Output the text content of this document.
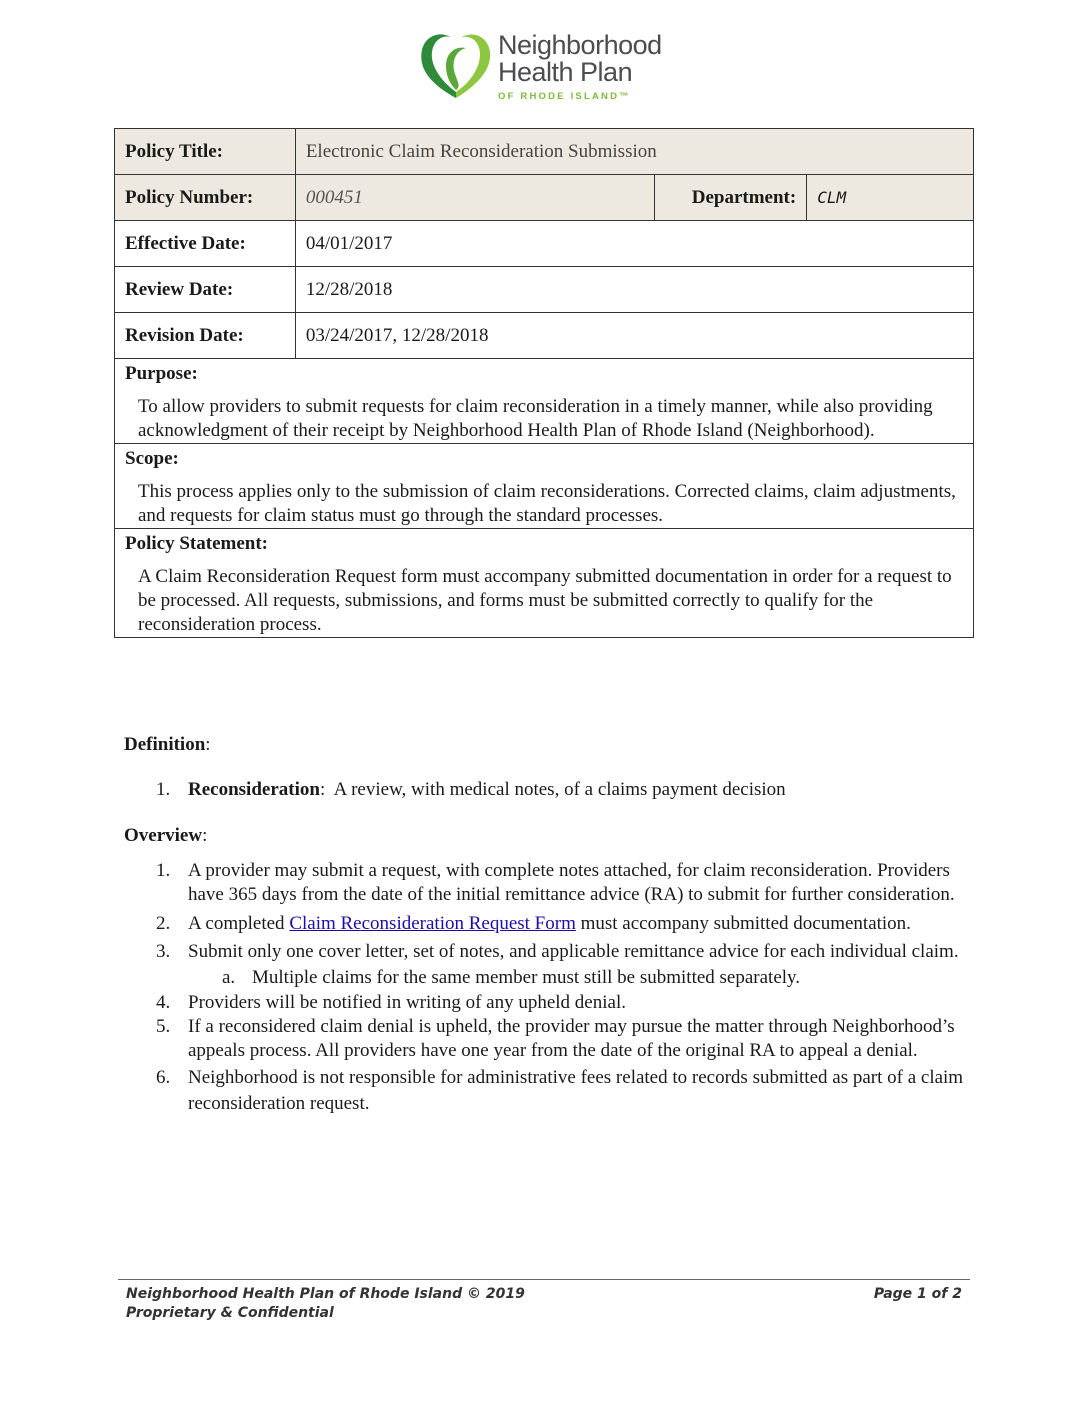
Neighborhood
Health Plan
OF RHODE ISLAND™
Policy Title:	Electronic Claim Reconsideration Submission		
Policy Number:	000451	Department:	CLM
Effective Date:	04/01/2017		
Review Date:	12/28/2018		
Revision Date:	03/24/2017, 12/28/2018		

Purpose:
To allow providers to submit requests for claim reconsideration in a timely manner, while also providing acknowledgment of their receipt by Neighborhood Health Plan of Rhode Island (Neighborhood).			

Scope:
This process applies only to the submission of claim reconsiderations. Corrected claims, claim adjustments, and requests for claim status must go through the standard processes.			

Policy Statement:
A Claim Reconsideration Request form must accompany submitted documentation in order for a request to be processed. All requests, submissions, and forms must be submitted correctly to qualify for the reconsideration process.			

Definition:

1. Reconsideration:  A review, with medical notes, of a claims payment decision

Overview:

1. A provider may submit a request, with complete notes attached, for claim reconsideration. Providers have 365 days from the date of the initial remittance advice (RA) to submit for further consideration.
2. A completed Claim Reconsideration Request Form must accompany submitted documentation.
3. Submit only one cover letter, set of notes, and applicable remittance advice for each individual claim.
a. Multiple claims for the same member must still be submitted separately.
4. Providers will be notified in writing of any upheld denial.
5. If a reconsidered claim denial is upheld, the provider may pursue the matter through Neighborhood’s appeals process. All providers have one year from the date of the original RA to appeal a denial.
6. Neighborhood is not responsible for administrative fees related to records submitted as part of a claim reconsideration request.
Neighborhood Health Plan of Rhode Island © 2019
Proprietary & Confidential
Page 1 of 2
